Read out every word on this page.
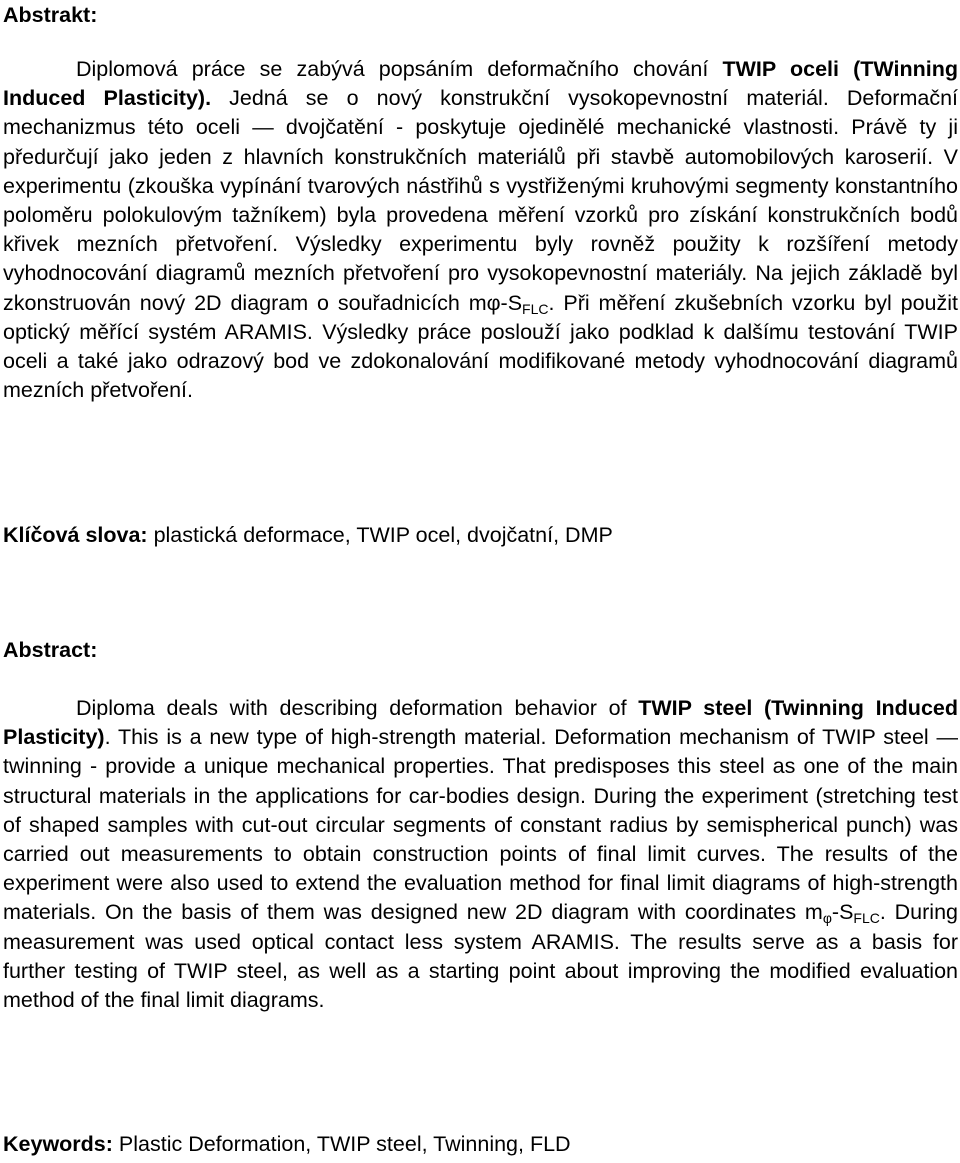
Abstrakt:

Diplomová práce se zabývá popsáním deformačního chování TWIP oceli (TWinning Induced Plasticity). Jedná se o nový konstrukční vysokopevnostní materiál. Deformační mechanizmus této oceli — dvojčatění - poskytuje ojedinělé mechanické vlastnosti. Právě ty ji předurčují jako jeden z hlavních konstrukčních materiálů při stavbě automobilových karoserií. V experimentu (zkouška vypínání tvarových nástřihů s vystřiženými kruhovými segmenty konstantního poloměru polokulovým tažníkem) byla provedena měření vzorků pro získání konstrukčních bodů křivek mezních přetvoření. Výsledky experimentu byly rovněž použity k rozšíření metody vyhodnocování diagramů mezních přetvoření pro vysokopevnostní materiály. Na jejich základě byl zkonstruován nový 2D diagram o souřadnicích $m\varphi-S_{FLC}$. Při měření zkušebních vzorku byl použit optický měřící systém ARAMIS. Výsledky práce poslouží jako podklad k dalšímu testování TWIP oceli a také jako odrazový bod ve zdokonalování modifikované metody vyhodnocování diagramů mezních přetvoření.

Klíčová slova: plastická deformace, TWIP ocel, dvojčatní, DMP

Abstract:

Diploma deals with describing deformation behavior of TWIP steel (Twinning Induced Plasticity). This is a new type of high-strength material. Deformation mechanism of TWIP steel — twinning - provide a unique mechanical properties. That predisposes this steel as one of the main structural materials in the applications for car-bodies design. During the experiment (stretching test of shaped samples with cut-out circular segments of constant radius by semispherical punch) was carried out measurements to obtain construction points of final limit curves. The results of the experiment were also used to extend the evaluation method for final limit diagrams of high-strength materials. On the basis of them was designed new 2D diagram with coordinates $m_\varphi-S_{FLC}$. During measurement was used optical contact less system ARAMIS. The results serve as a basis for further testing of TWIP steel, as well as a starting point about improving the modified evaluation method of the final limit diagrams.

Keywords: Plastic Deformation, TWIP steel, Twinning, FLD
